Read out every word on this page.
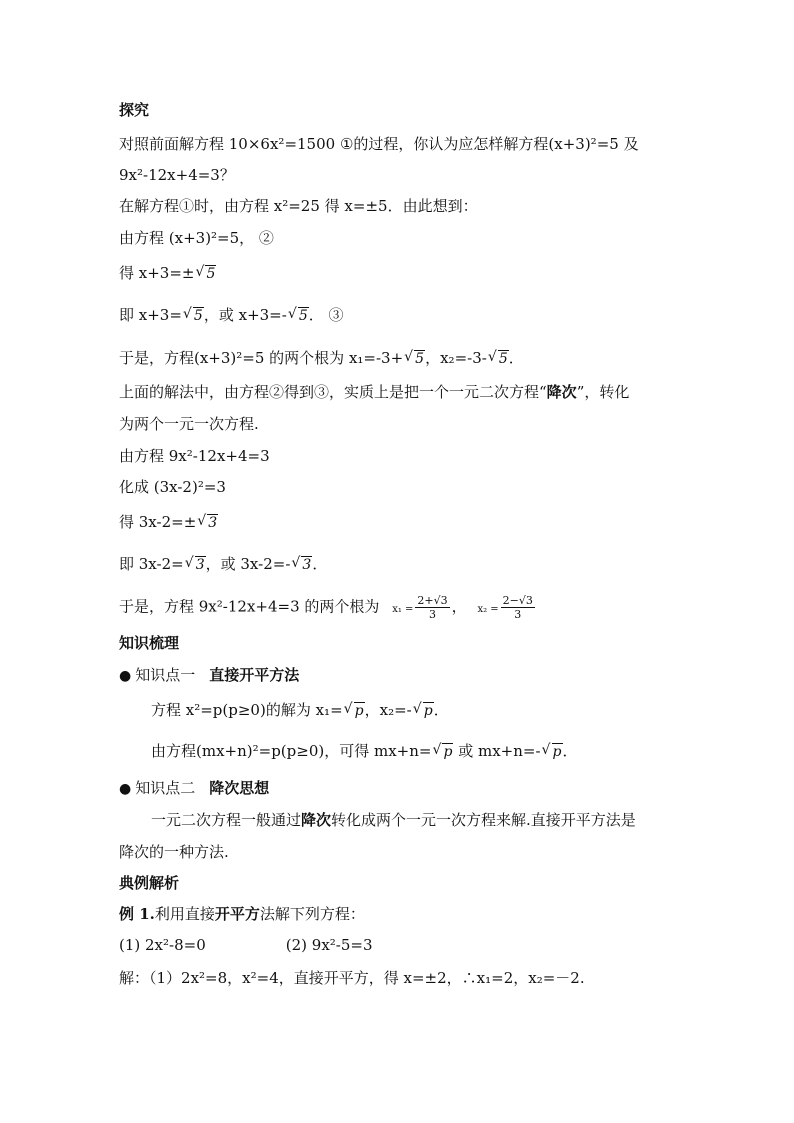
探究
对照前面解方程 10×6x²=1500 ①的过程，你认为应怎样解方程(x+3)²=5 及
9x²-12x+4=3？
在解方程①时，由方程 x²=25 得 x=±5．由此想到：
由方程 (x+3)²=5， ②
得 x+3=± √ 5
即 x+3= √ 5，或 x+3=- √ 5． ③
于是，方程(x+3)²=5 的两个根为 x₁=-3+ √ 5，x₂=-3- √ 5．
上面的解法中，由方程②得到③，实质上是把一个一元二次方程“降次”，转化
为两个一元一次方程.
由方程 9x²-12x+4=3
化成 (3x-2)²=3
得 3x-2=± √ 3
即 3x-2= √ 3，或 3x-2=- √ 3．
于是，方程 9x²-12x+4=3 的两个根为 $x_1 = \frac{2+√3}{3}$ ， $x_2 = \frac{2-√3}{3}$
知识梳理
● 知识点一 直接开平方法
方程 x²=p(p≥0)的解为 x₁= √ p，x₂=- √ p．
由方程(mx+n)²=p(p≥0)，可得 mx+n= √ p 或 mx+n=- √ p．
● 知识点二 降次思想
一元二次方程一般通过降次转化成两个一元一次方程来解.直接开平方法是
降次的一种方法.
典例解析
例 1.利用直接开平方法解下列方程：
(1) 2x²-8=0	(2) 9x²-5=3
解：（1）2x²=8，x²=4，直接开平方，得 x=±2，∴x₁=2，x₂=－2.
